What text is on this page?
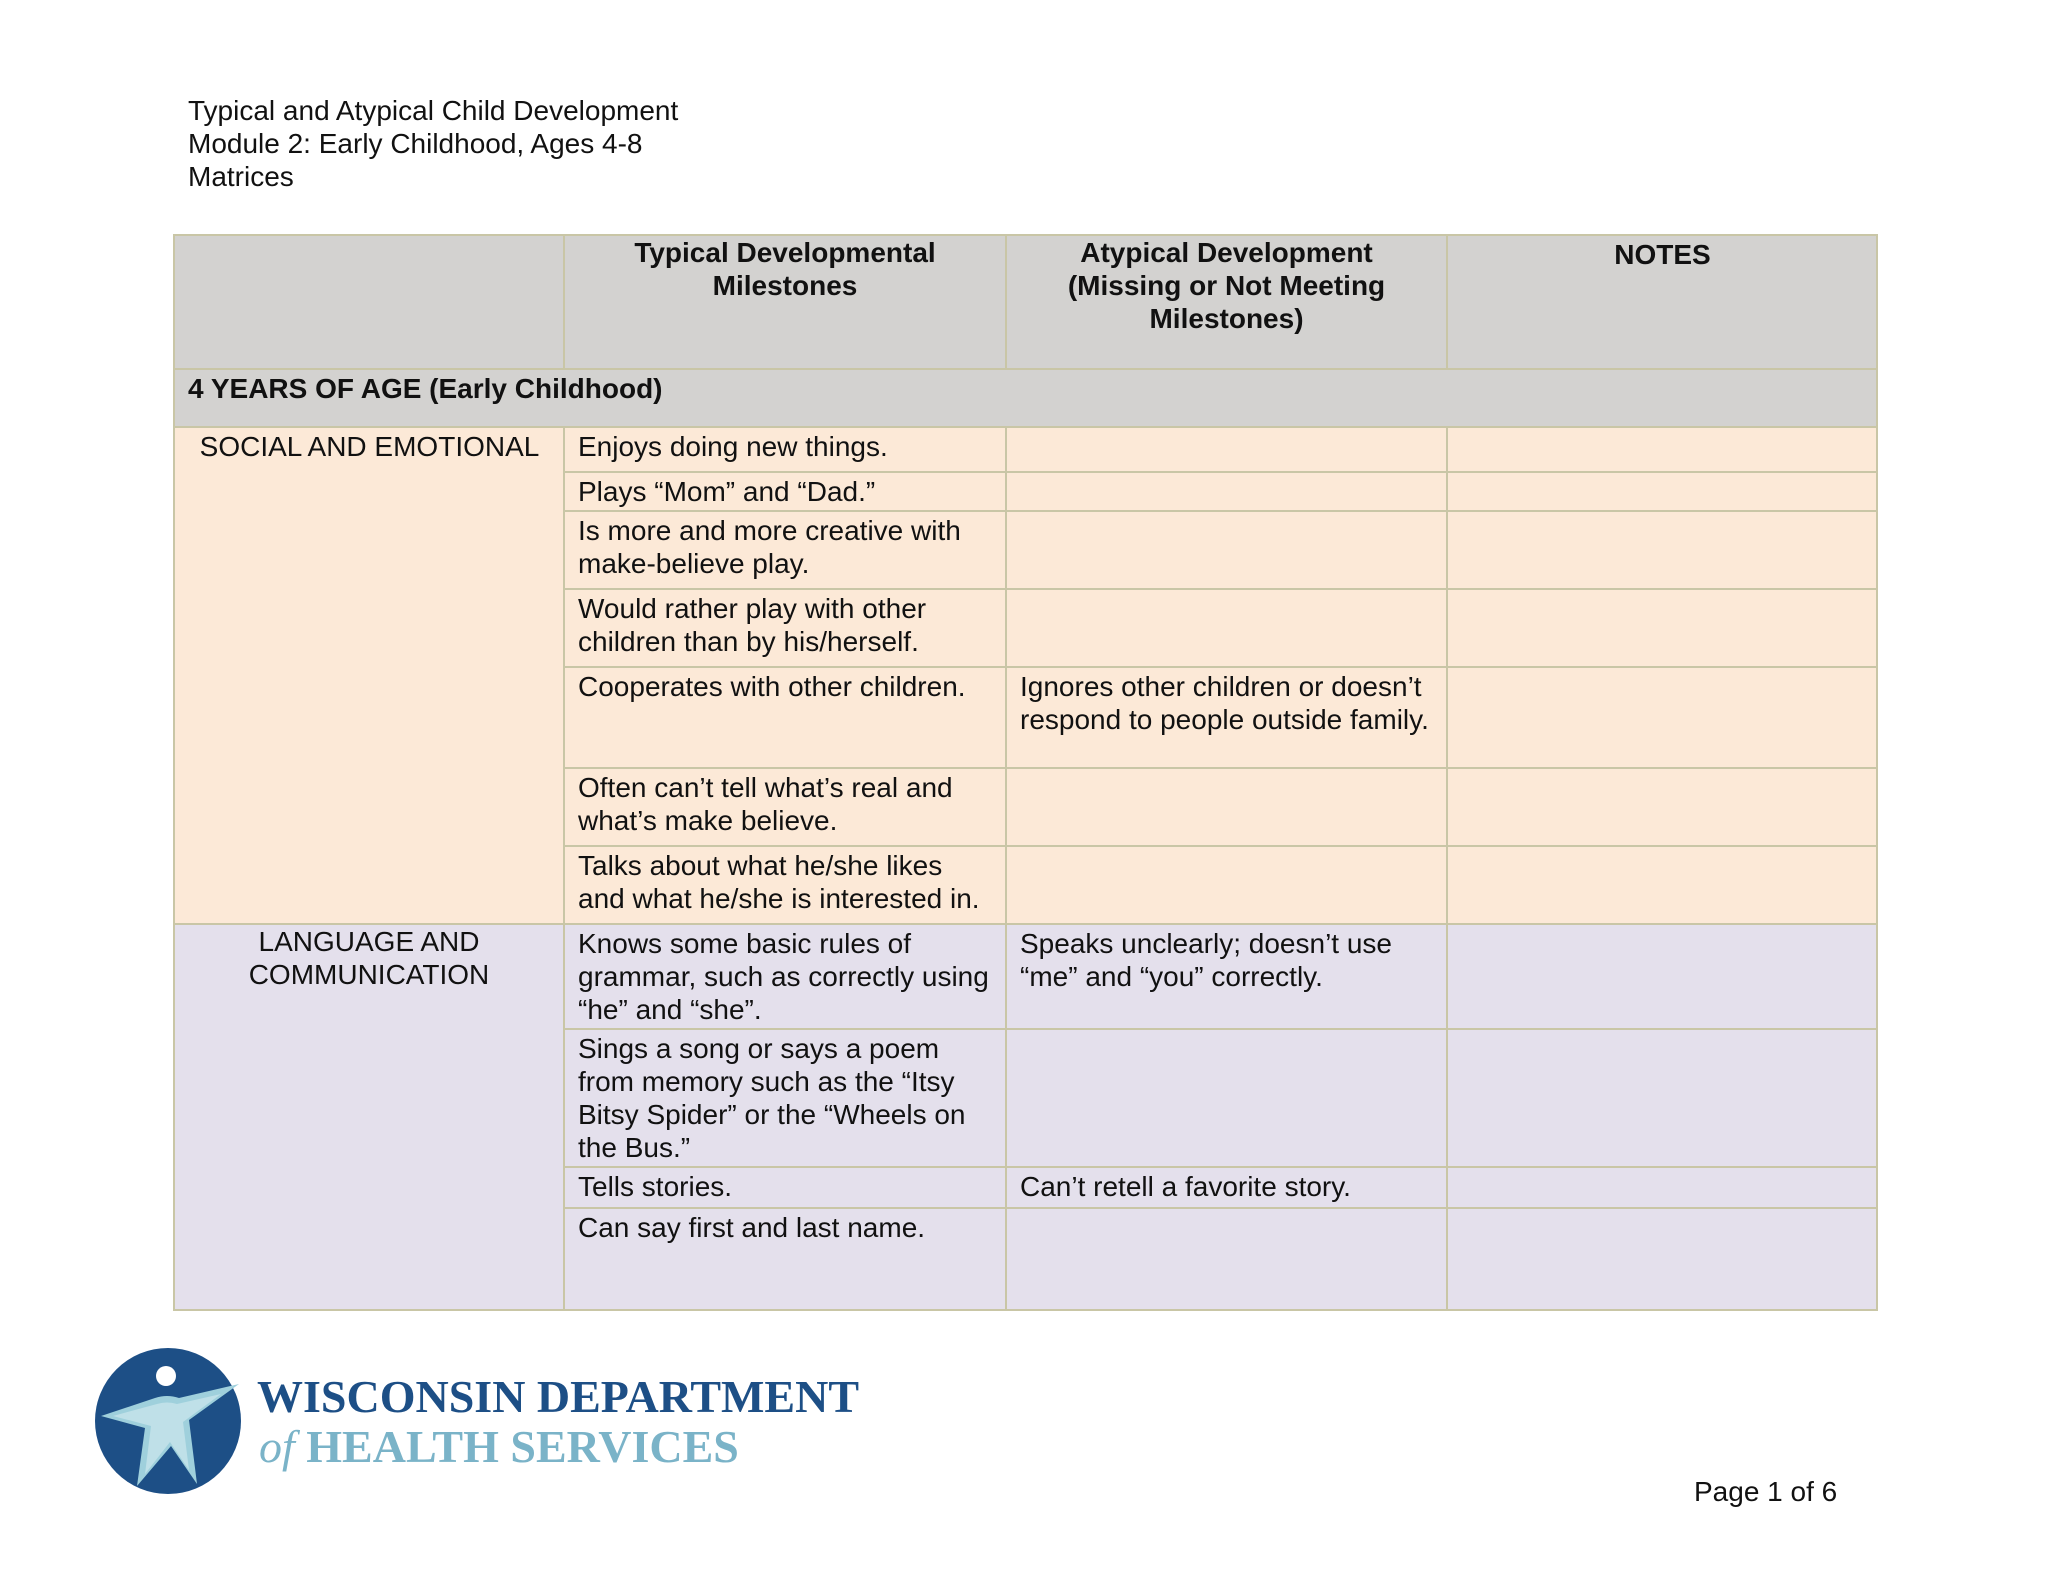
Typical and Atypical Child Development
Module 2: Early Childhood, Ages 4-8
Matrices
	Typical Developmental Milestones	Atypical Development (Missing or Not Meeting Milestones)	NOTES
4 YEARS OF AGE (Early Childhood)			
SOCIAL AND EMOTIONAL	Enjoys doing new things.		
	Plays “Mom” and “Dad.”		
	Is more and more creative with make-believe play.		
	Would rather play with other children than by his/herself.		
	Cooperates with other children.	Ignores other children or doesn’t respond to people outside family.	
	Often can’t tell what’s real and what’s make believe.		
	Talks about what he/she likes and what he/she is interested in.		
LANGUAGE AND COMMUNICATION	Knows some basic rules of grammar, such as correctly using “he” and “she”.	Speaks unclearly; doesn’t use “me” and “you” correctly.	
	Sings a song or says a poem from memory such as the “Itsy Bitsy Spider” or the “Wheels on the Bus.”		
	Tells stories.	Can’t retell a favorite story.	
	Can say first and last name.		
WISCONSIN DEPARTMENT
of HEALTH SERVICES
Page 1 of 6
